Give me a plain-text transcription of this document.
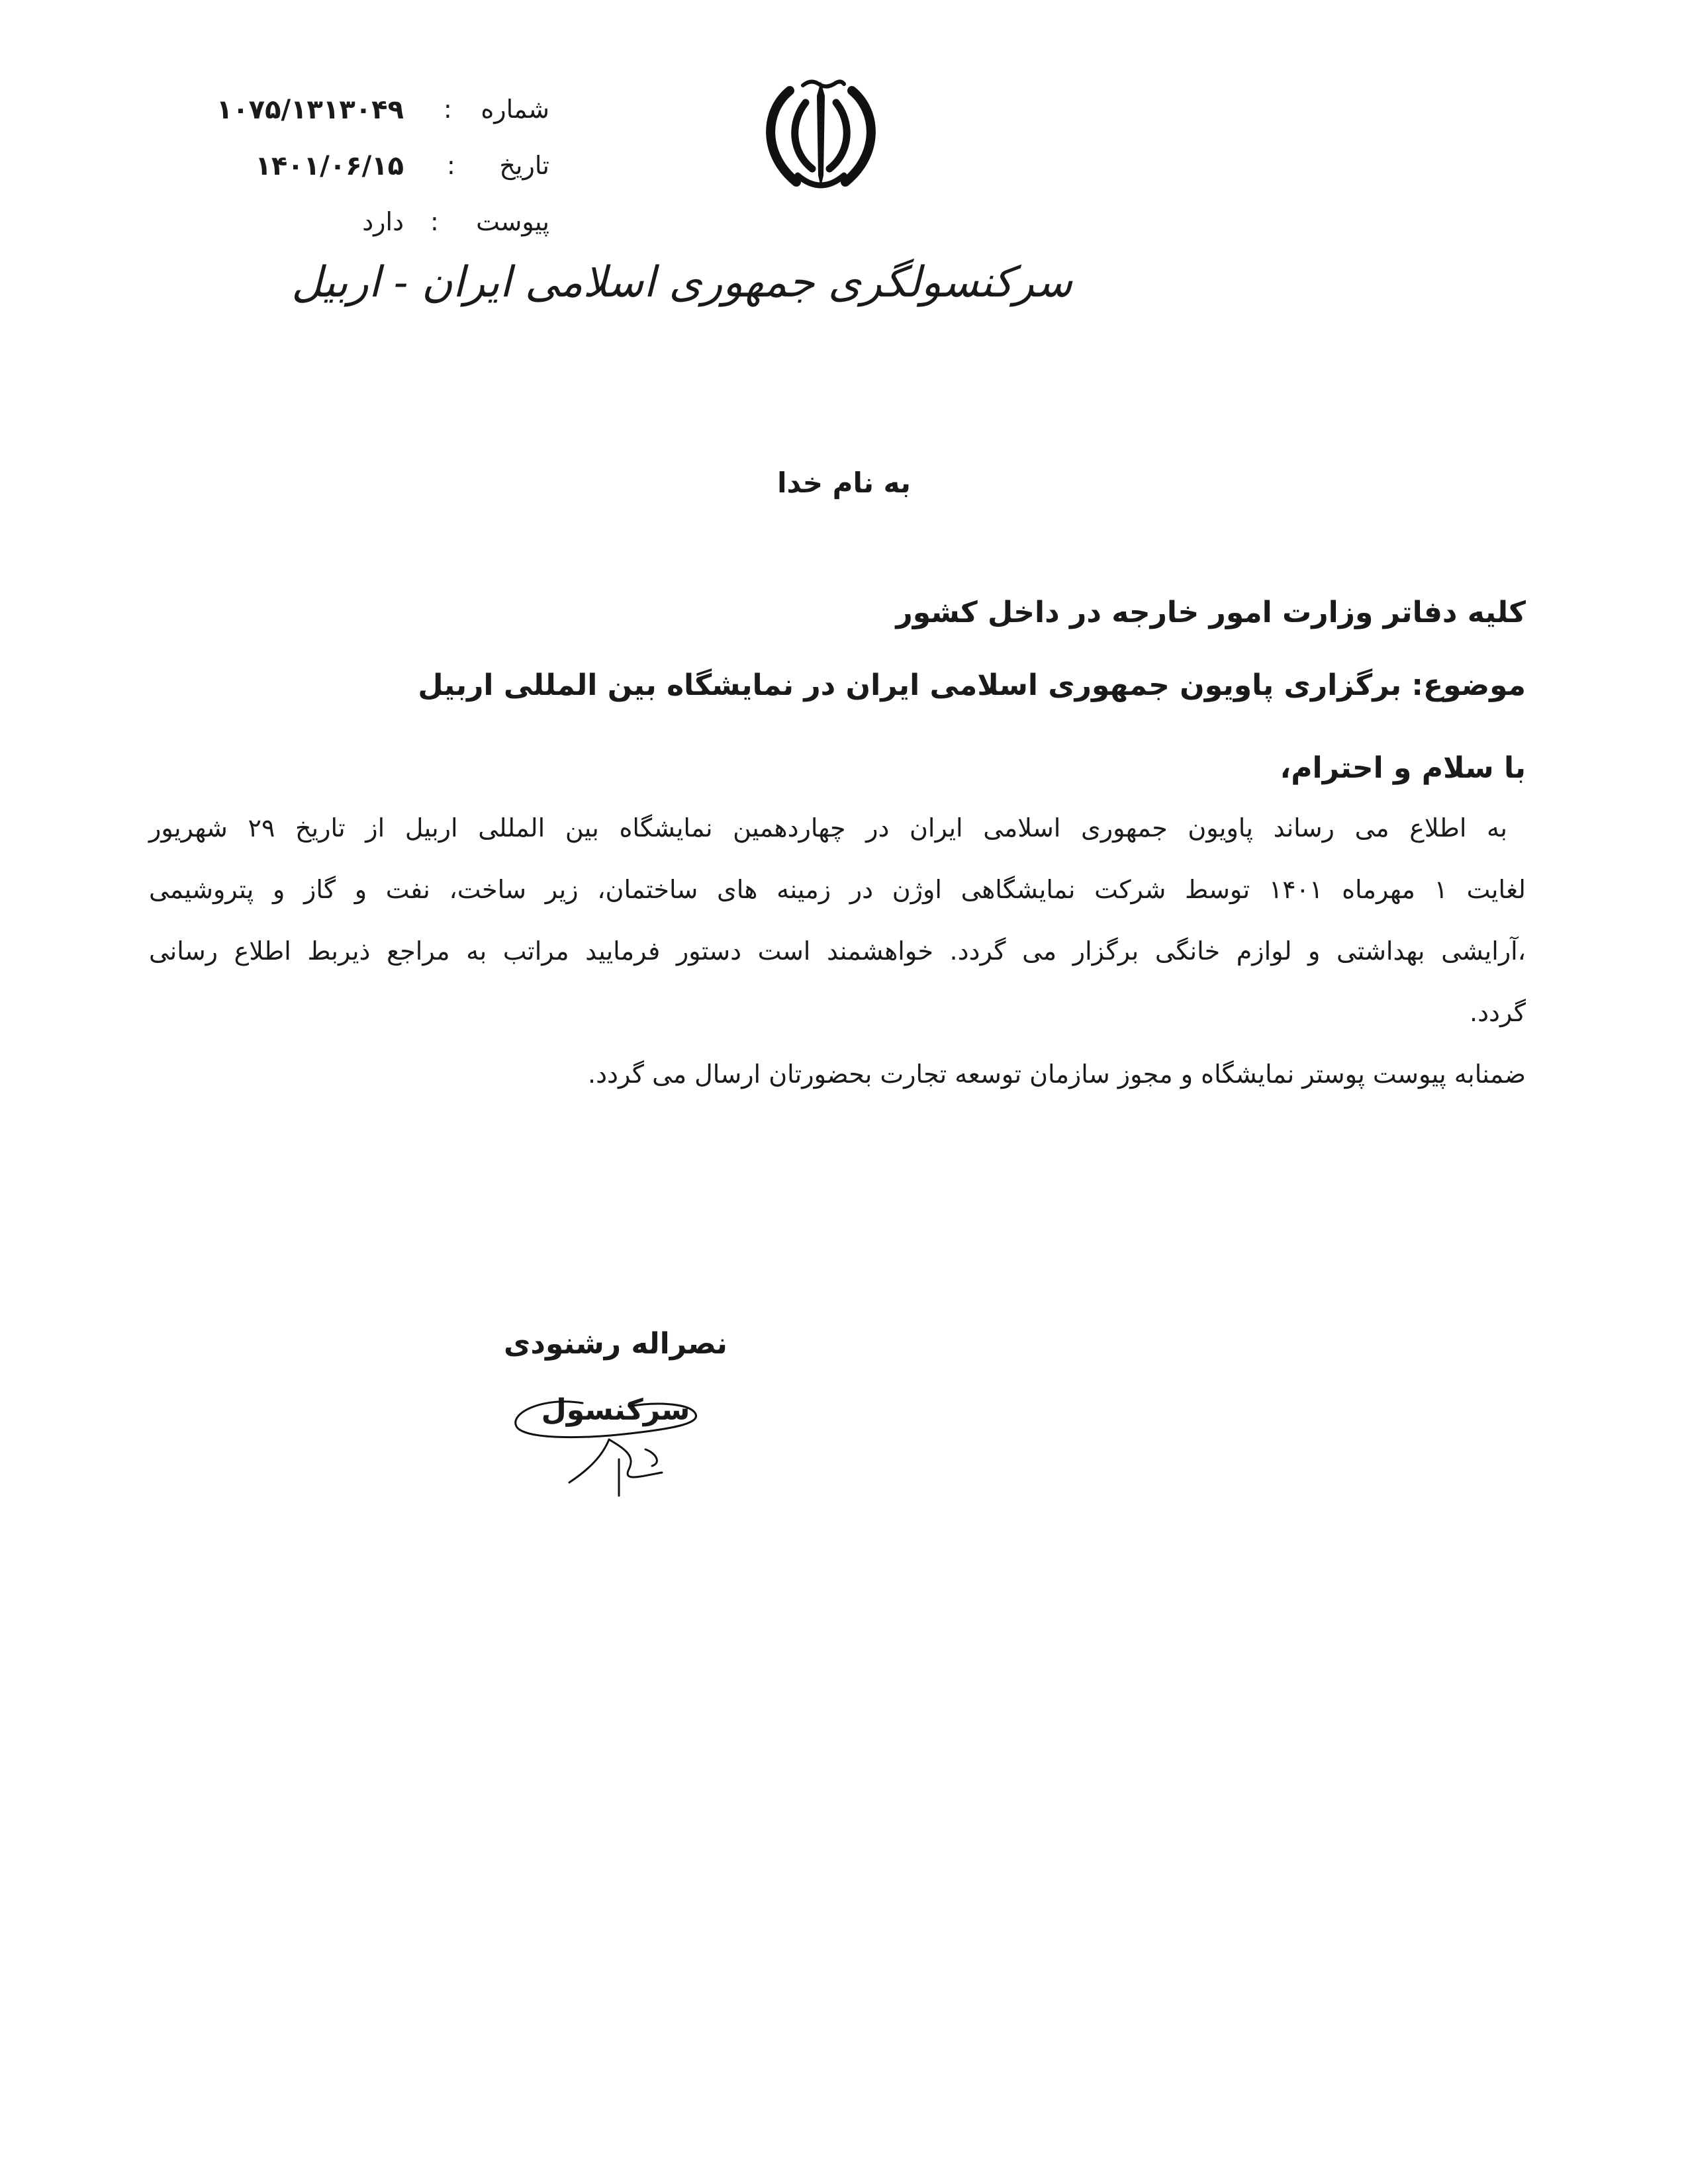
شماره
:
۱۰۷۵/۱۳۱۳۰۴۹
تاریخ
:
۱۴۰۱/۰۶/۱۵
پیوست
:
دارد
سرکنسولگری جمهوری اسلامی ایران - اربیل
به نام خدا
کلیه دفاتر وزارت امور خارجه در داخل کشور
موضوع: برگزاری پاویون جمهوری اسلامی ایران در نمایشگاه بین المللی اربیل
با سلام و احترام،
به اطلاع می رساند پاویون جمهوری اسلامی ایران در چهاردهمین نمایشگاه بین المللی اربیل از تاریخ ۲۹ شهریور
لغایت ۱ مهرماه ۱۴۰۱ توسط شرکت نمایشگاهی اوژن در زمینه های ساختمان، زیر ساخت، نفت و گاز و پتروشیمی
،آرایشی بهداشتی و لوازم خانگی برگزار می گردد. خواهشمند است دستور فرمایید مراتب به مراجع ذیربط اطلاع رسانی
گردد.
ضمنابه پیوست پوستر نمایشگاه و مجوز سازمان توسعه تجارت بحضورتان ارسال می گردد.
نصراله رشنودی
سرکنسول
